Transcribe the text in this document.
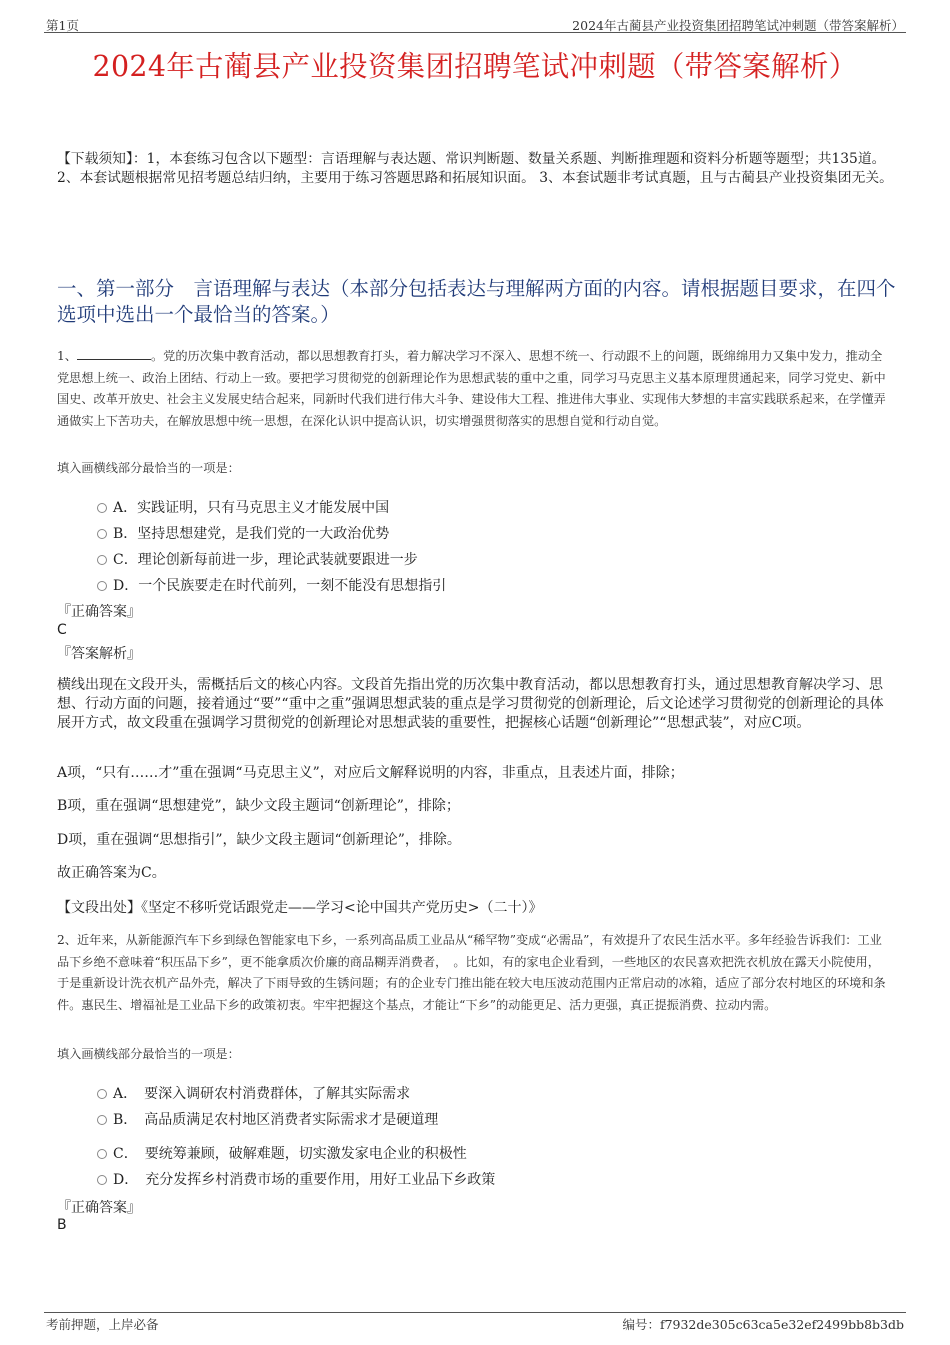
第1页	2024年古蔺县产业投资集团招聘笔试冲刺题（带答案解析）
2024年古蔺县产业投资集团招聘笔试冲刺题（带答案解析）
【下载须知】：1，本套练习包含以下题型：言语理解与表达题、常识判断题、数量关系题、判断推理题和资料分析题等题型；共135道。 2、本套试题根据常见招考题总结归纳，主要用于练习答题思路和拓展知识面。 3、本套试题非考试真题，且与古蔺县产业投资集团无关。
一、第一部分　言语理解与表达（本部分包括表达与理解两方面的内容。请根据题目要求，在四个选项中选出一个最恰当的答案。）
1、	。党的历次集中教育活动，都以思想教育打头，着力解决学习不深入、思想不统一、行动跟不上的问题，既绵绵用力又集中发力，推动全党思想上统一、政治上团结、行动上一致。要把学习贯彻党的创新理论作为思想武装的重中之重，同学习马克思主义基本原理贯通起来，同学习党史、新中国史、改革开放史、社会主义发展史结合起来，同新时代我们进行伟大斗争、建设伟大工程、推进伟大事业、实现伟大梦想的丰富实践联系起来，在学懂弄通做实上下苦功夫，在解放思想中统一思想，在深化认识中提高认识，切实增强贯彻落实的思想自觉和行动自觉。
填入画横线部分最恰当的一项是：
A．实践证明，只有马克思主义才能发展中国
B．坚持思想建党，是我们党的一大政治优势
C．理论创新每前进一步，理论武装就要跟进一步
D．一个民族要走在时代前列，一刻不能没有思想指引
『正确答案』
C
『答案解析』
横线出现在文段开头，需概括后文的核心内容。文段首先指出党的历次集中教育活动，都以思想教育打头，通过思想教育解决学习、思想、行动方面的问题，接着通过“要”“重中之重”强调思想武装的重点是学习贯彻党的创新理论，后文论述学习贯彻党的创新理论的具体展开方式，故文段重在强调学习贯彻党的创新理论对思想武装的重要性，把握核心话题“创新理论”“思想武装”，对应C项。
A项，“只有……才”重在强调“马克思主义”，对应后文解释说明的内容，非重点，且表述片面，排除；
B项，重在强调“思想建党”，缺少文段主题词“创新理论”，排除；
D项，重在强调“思想指引”，缺少文段主题词“创新理论”，排除。
故正确答案为C。
【文段出处】《坚定不移听党话跟党走——学习<论中国共产党历史>（二十）》
2、近年来，从新能源汽车下乡到绿色智能家电下乡，一系列高品质工业品从“稀罕物”变成“必需品”，有效提升了农民生活水平。多年经验告诉我们：工业品下乡绝不意味着“积压品下乡”，更不能拿质次价廉的商品糊弄消费者，　。比如，有的家电企业看到，一些地区的农民喜欢把洗衣机放在露天小院使用，于是重新设计洗衣机产品外壳，解决了下雨导致的生锈问题；有的企业专门推出能在较大电压波动范围内正常启动的冰箱，适应了部分农村地区的环境和条件。惠民生、增福祉是工业品下乡的政策初衷。牢牢把握这个基点，才能让“下乡”的动能更足、活力更强，真正提振消费、拉动内需。
填入画横线部分最恰当的一项是：
A．　要深入调研农村消费群体，了解其实际需求
B．　高品质满足农村地区消费者实际需求才是硬道理
C．　要统筹兼顾，破解难题，切实激发家电企业的积极性
D．　充分发挥乡村消费市场的重要作用，用好工业品下乡政策
『正确答案』
B
考前押题，上岸必备	编号：f7932de305c63ca5e32ef2499bb8b3db
